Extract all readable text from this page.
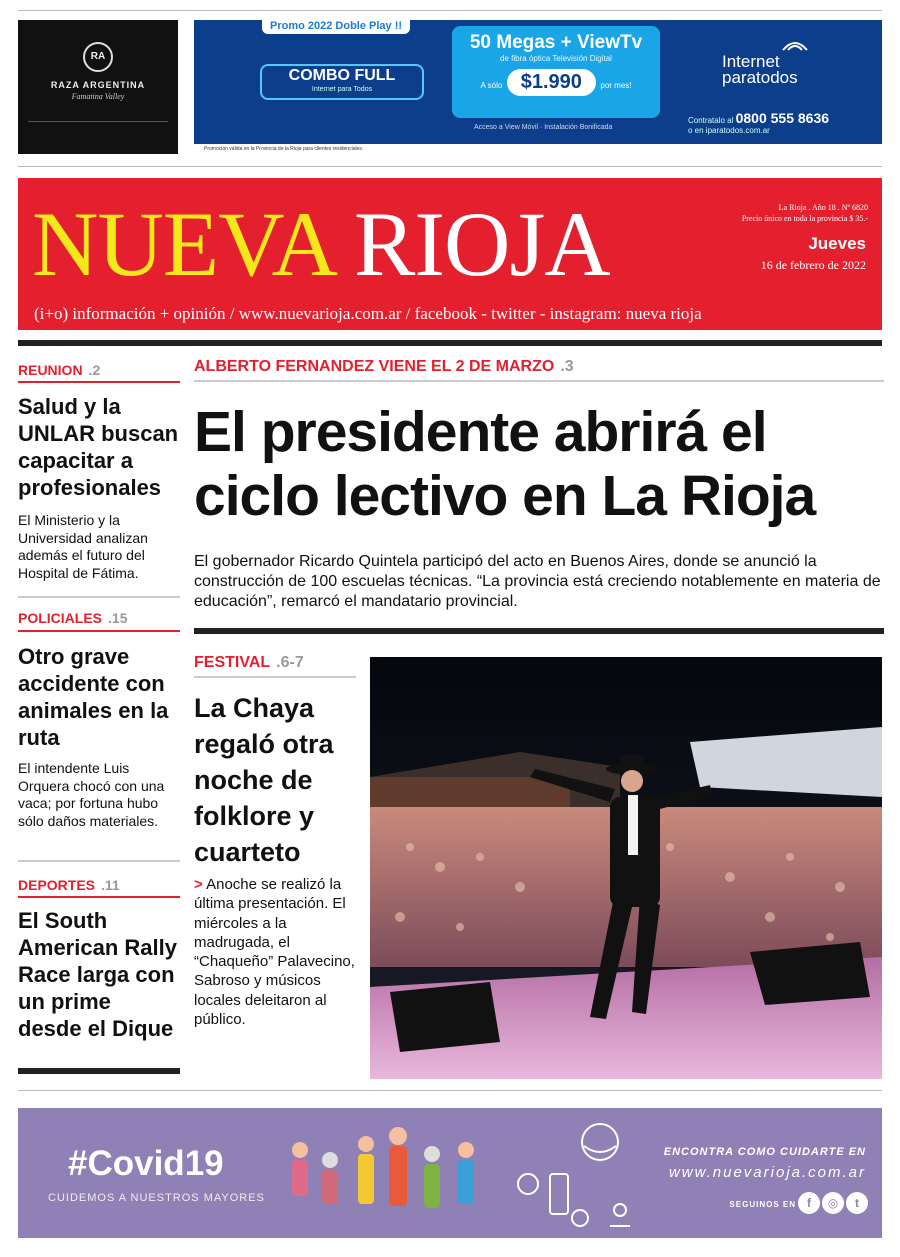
RA
RAZA ARGENTINA
Famatina Valley
Promo 2022 Doble Play !!
COMBO FULL
Internet para Todos
50 Megas + ViewTv
de fibra óptica Televisión Digital
A sólo $1.990 por mes!
Acceso a View Móvil · Instalación Bonificada
Internet
paratodos
Contratalo al 0800 555 8636
o en iparatodos.com.ar
Promoción válida en la Provincia de la Rioja para clientes residenciales.
NUEVA RIOJA	La Rioja . Año 18 . Nº 6820
Precio único en toda la provincia $ 35.-
Jueves
16 de febrero de 2022
(i+o) información + opinión / www.nuevarioja.com.ar / facebook - twitter - instagram: nueva rioja
REUNION .2
Salud y la UNLAR buscan capacitar a profesionales
El Ministerio y la Universidad analizan además el futuro del Hospital de Fátima.
POLICIALES .15
Otro grave accidente con animales en la ruta
El intendente Luis Orquera chocó con una vaca; por fortuna hubo sólo daños materiales.
DEPORTES .11
El South American Rally Race larga con un prime desde el Dique
ALBERTO FERNANDEZ VIENE EL 2 DE MARZO .3
El presidente abrirá el ciclo lectivo en La Rioja
El gobernador Ricardo Quintela participó del acto en Buenos Aires, donde se anunció la construcción de 100 escuelas técnicas. “La provincia está creciendo notablemente en materia de educación”, remarcó el mandatario provincial.
FESTIVAL .6-7
La Chaya regaló otra noche de folklore y cuarteto
> Anoche se realizó la última presentación. El miércoles a la madrugada, el “Chaqueño” Palavecino, Sabroso y músicos locales deleitaron al público.
#Covid19
CUIDEMOS A NUESTROS MAYORES
ENCONTRA COMO CUIDARTE EN
www.nuevarioja.com.ar
SEGUINOS EN f	◎	t
